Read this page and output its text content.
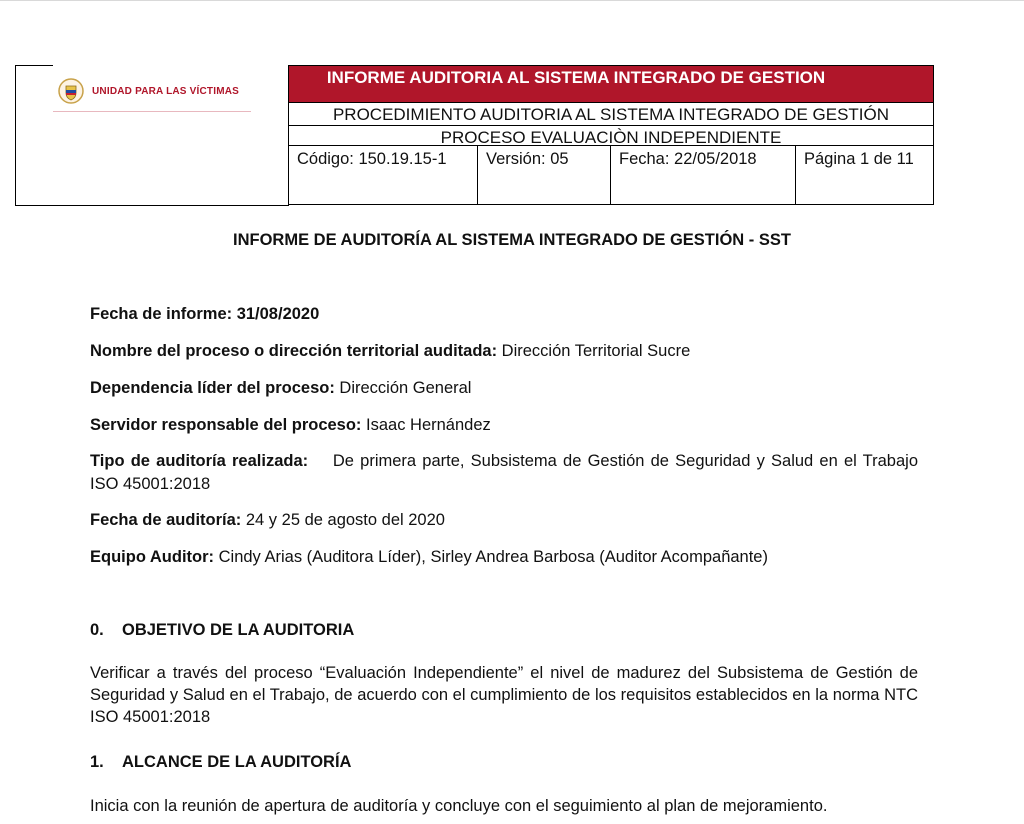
UNIDAD PARA LAS VÍCTIMAS
INFORME AUDITORIA AL SISTEMA INTEGRADO DE GESTION
PROCEDIMIENTO AUDITORIA AL SISTEMA INTEGRADO DE GESTIÓN
PROCESO EVALUACIÒN INDEPENDIENTE
Código: 150.19.15-1	Versión: 05	Fecha: 22/05/2018	Página 1 de 11
INFORME DE AUDITORÍA AL SISTEMA INTEGRADO DE GESTIÓN - SST
Fecha de informe: 31/08/2020
Nombre del proceso o dirección territorial auditada: Dirección Territorial Sucre
Dependencia líder del proceso: Dirección General
Servidor responsable del proceso: Isaac Hernández
Tipo de auditoría realizada:    De primera parte, Subsistema de Gestión de Seguridad y Salud en el Trabajo ISO 45001:2018
Fecha de auditoría: 24 y 25 de agosto del 2020
Equipo Auditor: Cindy Arias (Auditora Líder), Sirley Andrea Barbosa (Auditor Acompañante)
0. OBJETIVO DE LA AUDITORIA
Verificar a través del proceso “Evaluación Independiente” el nivel de madurez del Subsistema de Gestión de Seguridad y Salud en el Trabajo, de acuerdo con el cumplimiento de los requisitos establecidos en la norma NTC ISO 45001:2018
1. ALCANCE DE LA AUDITORÍA
Inicia con la reunión de apertura de auditoría y concluye con el seguimiento al plan de mejoramiento.
